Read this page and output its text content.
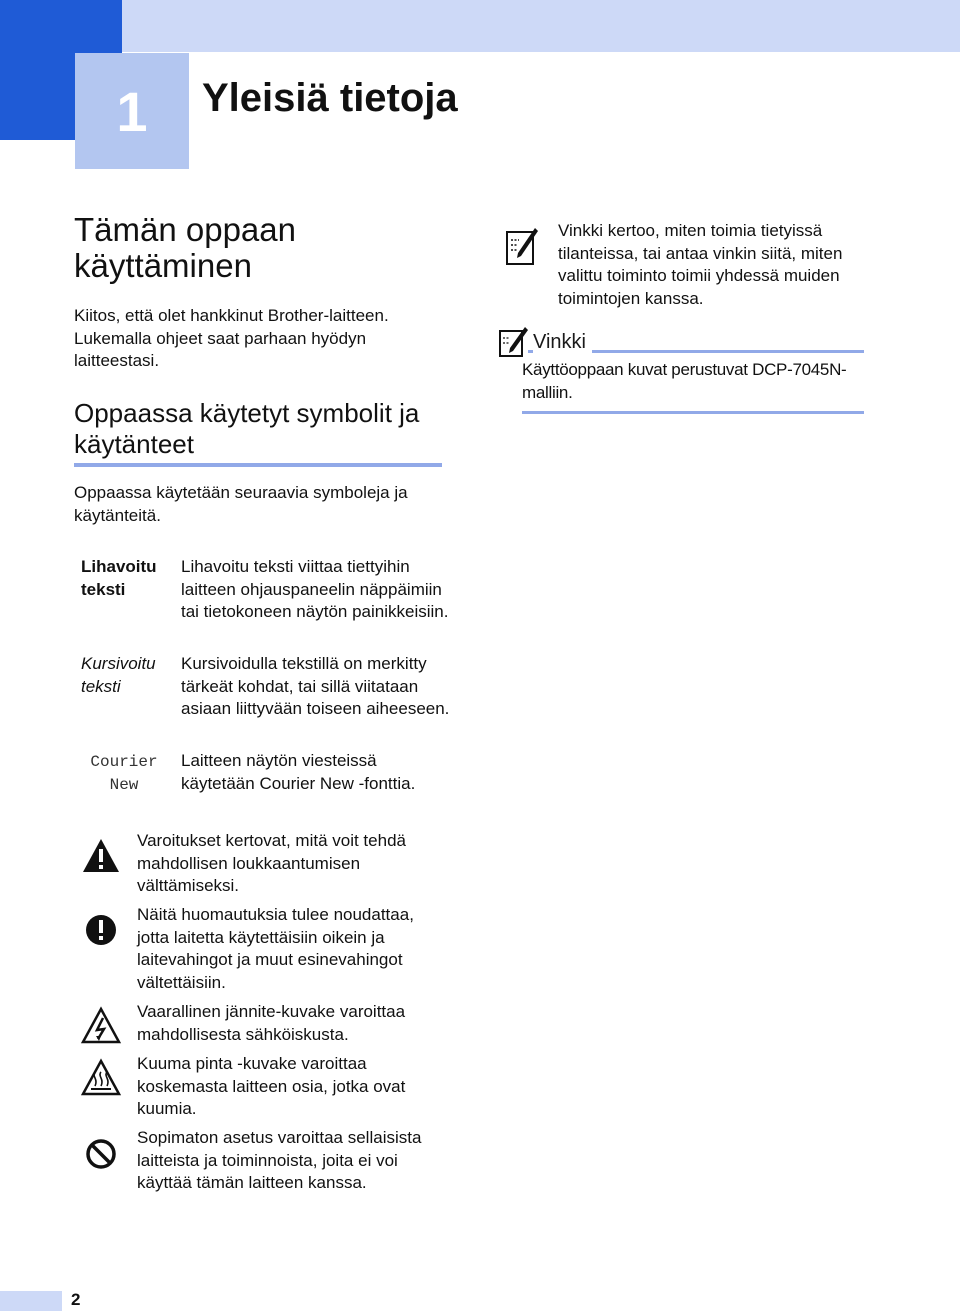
1	Yleisiä tietoja
Tämän oppaan käyttäminen
Kiitos, että olet hankkinut Brother-laitteen. Lukemalla ohjeet saat parhaan hyödyn laitteestasi.
Oppaassa käytetyt symbolit ja käytänteet
Oppaassa käytetään seuraavia symboleja ja käytänteitä.
Lihavoitu teksti
Lihavoitu teksti viittaa tiettyihin laitteen ohjauspaneelin näppäimiin tai tietokoneen näytön painikkeisiin.
Kursivoitu teksti
Kursivoidulla tekstillä on merkitty tärkeät kohdat, tai sillä viitataan asiaan liittyvään toiseen aiheeseen.
Courier New
Laitteen näytön viesteissä käytetään Courier New -fonttia.
Varoitukset kertovat, mitä voit tehdä mahdollisen loukkaantumisen välttämiseksi.
Näitä huomautuksia tulee noudattaa, jotta laitetta käytettäisiin oikein ja laitevahingot ja muut esinevahingot vältettäisiin.
Vaarallinen jännite-kuvake varoittaa mahdollisesta sähköiskusta.
Kuuma pinta -kuvake varoittaa koskemasta laitteen osia, jotka ovat kuumia.
Sopimaton asetus varoittaa sellaisista laitteista ja toiminnoista, joita ei voi käyttää tämän laitteen kanssa.
Vinkki kertoo, miten toimia tietyissä tilanteissa, tai antaa vinkin siitä, miten valittu toiminto toimii yhdessä muiden toimintojen kanssa.
Vinkki
Käyttöoppaan kuvat perustuvat DCP-7045N-malliin.
2
